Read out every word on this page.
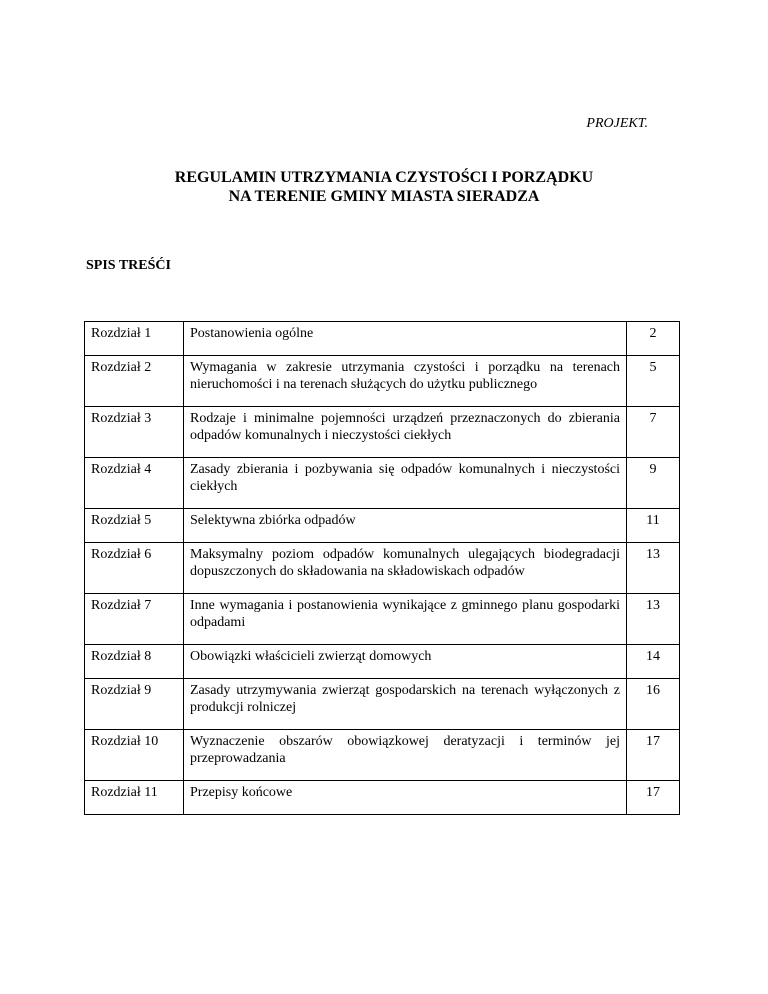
PROJEKT.

REGULAMIN UTRZYMANIA CZYSTOŚCI I PORZĄDKU
NA TERENIE GMINY MIASTA SIERADZA
SPIS TREŚĆI
Rozdział 1	Postanowienia ogólne	2
Rozdział 2	Wymagania w zakresie utrzymania czystości i porządku na terenach nieruchomości i na terenach służących do użytku publicznego	5
Rozdział 3	Rodzaje i minimalne pojemności urządzeń przeznaczonych do zbierania odpadów komunalnych i nieczystości ciekłych	7
Rozdział 4	Zasady zbierania i pozbywania się odpadów komunalnych i nieczystości ciekłych	9
Rozdział 5	Selektywna zbiórka odpadów	11
Rozdział 6	Maksymalny poziom odpadów komunalnych ulegających biodegradacji dopuszczonych do składowania na składowiskach odpadów	13
Rozdział 7	Inne wymagania i postanowienia wynikające z gminnego planu gospodarki odpadami	13
Rozdział 8	Obowiązki właścicieli zwierząt domowych	14
Rozdział 9	Zasady utrzymywania zwierząt gospodarskich na terenach wyłączonych z produkcji rolniczej	16
Rozdział 10	Wyznaczenie obszarów obowiązkowej deratyzacji i terminów jej przeprowadzania	17
Rozdział 11	Przepisy końcowe	17
